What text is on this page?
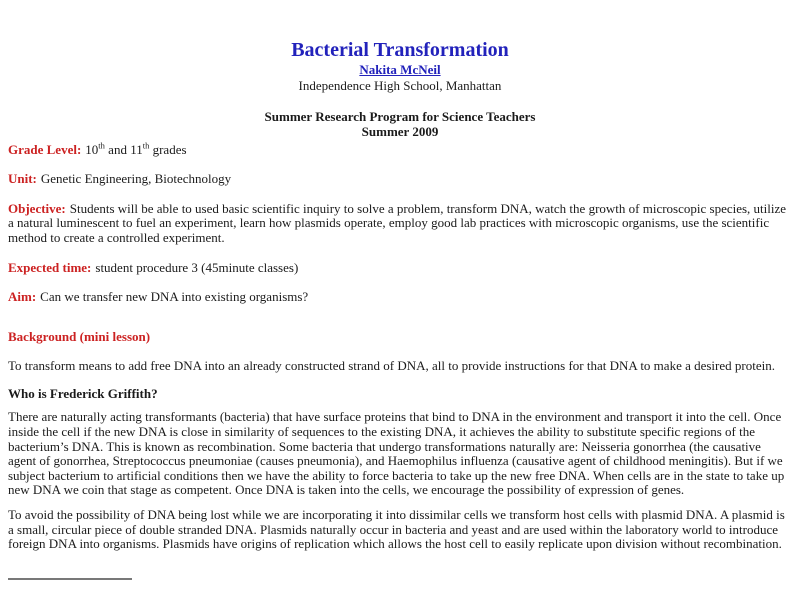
Bacterial Transformation
Nakita McNeil
Independence High School, Manhattan
Summer Research Program for Science Teachers
Summer 2009

Grade Level: 10th and 11th grades

Unit: Genetic Engineering, Biotechnology

Objective: Students will be able to used basic scientific inquiry to solve a problem, transform DNA, watch the growth of microscopic species, utilize a natural luminescent to fuel an experiment, learn how plasmids operate, employ good lab practices with microscopic organisms, use the scientific method to create a controlled experiment.

Expected time: student procedure 3 (45minute classes)

Aim: Can we transfer new DNA into existing organisms?

Background (mini lesson)

To transform means to add free DNA into an already constructed strand of DNA, all to provide instructions for that DNA to make a desired protein.

Who is Frederick Griffith?

There are naturally acting transformants (bacteria) that have surface proteins that bind to DNA in the environment and transport it into the cell. Once inside the cell if the new DNA is close in similarity of sequences to the existing DNA, it achieves the ability to substitute specific regions of the bacterium’s DNA. This is known as recombination. Some bacteria that undergo transformations naturally are: Neisseria gonorrhea (the causative agent of gonorrhea, Streptococcus pneumoniae (causes pneumonia), and Haemophilus influenza (causative agent of childhood meningitis). But if we subject bacterium to artificial conditions then we have the ability to force bacteria to take up the new free DNA. When cells are in the state to take up new DNA we coin that stage as competent. Once DNA is taken into the cells, we encourage the possibility of expression of genes.

To avoid the possibility of DNA being lost while we are incorporating it into dissimilar cells we transform host cells with plasmid DNA. A plasmid is a small, circular piece of double stranded DNA. Plasmids naturally occur in bacteria and yeast and are used within the laboratory world to introduce foreign DNA into organisms. Plasmids have origins of replication which allows the host cell to easily replicate upon division without recombination.
